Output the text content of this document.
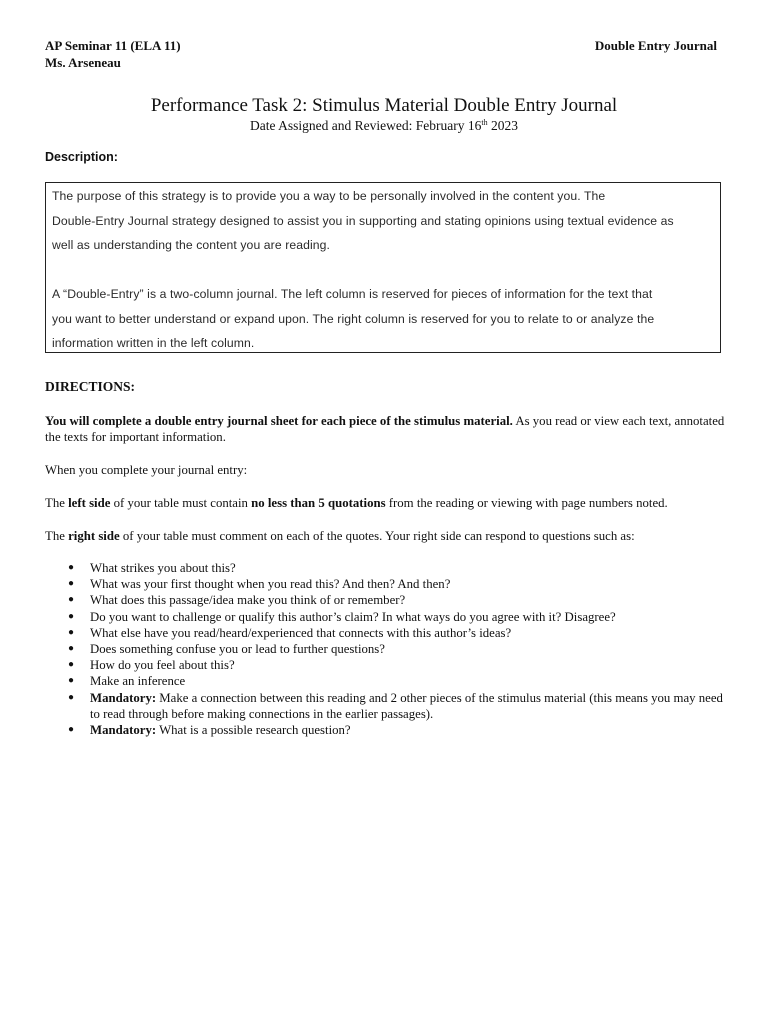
AP Seminar 11 (ELA 11)
Ms. Arseneau
Double Entry Journal
Performance Task 2: Stimulus Material Double Entry Journal
Date Assigned and Reviewed: February 16th 2023
Description:

The purpose of this strategy is to provide you a way to be personally involved in the content you. The

Double-Entry Journal strategy designed to assist you in supporting and stating opinions using textual evidence as

well as understanding the content you are reading.

A “Double-Entry” is a two-column journal. The left column is reserved for pieces of information for the text that

you want to better understand or expand upon. The right column is reserved for you to relate to or analyze the

information written in the left column.

DIRECTIONS:
You will complete a double entry journal sheet for each piece of the stimulus material. As you read or view each text, annotated the texts for important information.
When you complete your journal entry:
The left side of your table must contain no less than 5 quotations from the reading or viewing with page numbers noted.
The right side of your table must comment on each of the quotes. Your right side can respond to questions such as:
● What strikes you about this?
● What was your first thought when you read this? And then? And then?
● What does this passage/idea make you think of or remember?
● Do you want to challenge or qualify this author’s claim? In what ways do you agree with it? Disagree?
● What else have you read/heard/experienced that connects with this author’s ideas?
● Does something confuse you or lead to further questions?
● How do you feel about this?
● Make an inference
● Mandatory: Make a connection between this reading and 2 other pieces of the stimulus material (this means you may need to read through before making connections in the earlier passages).
● Mandatory: What is a possible research question?
